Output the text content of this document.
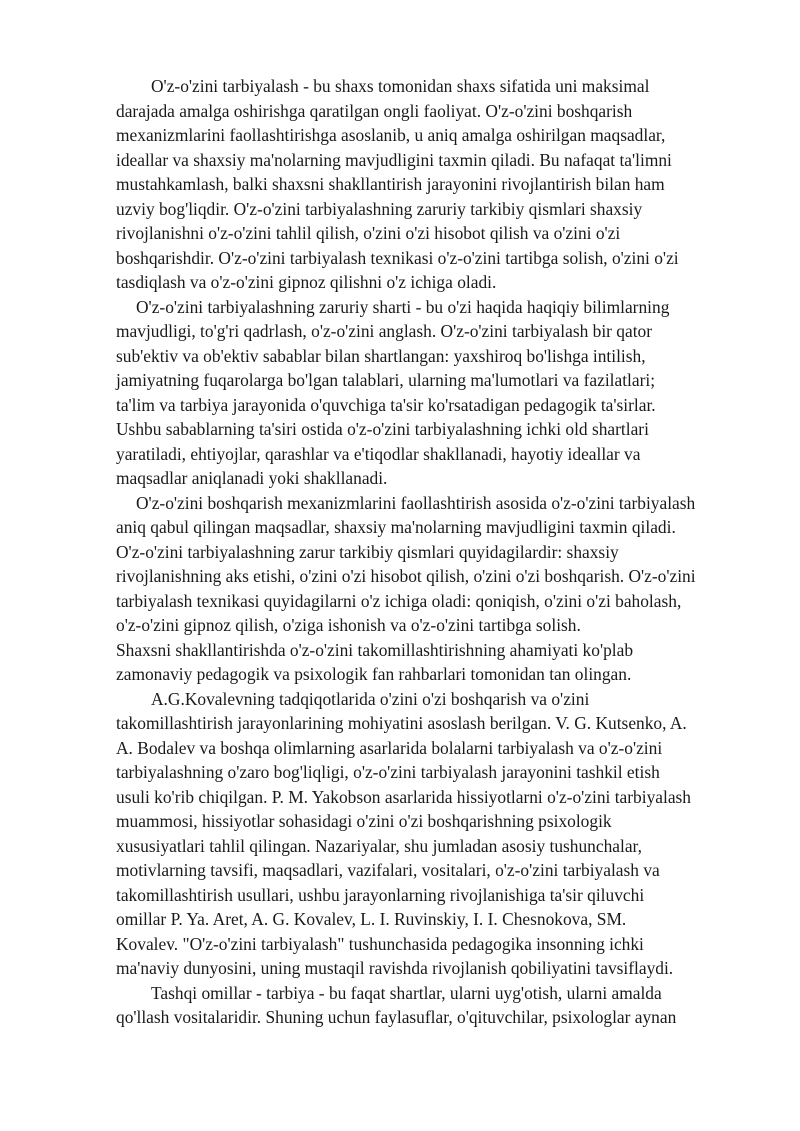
O'z-o'zini tarbiyalash - bu shaxs tomonidan shaxs sifatida uni maksimal
darajada amalga oshirishga qaratilgan ongli faoliyat. O'z-o'zini boshqarish
mexanizmlarini faollashtirishga asoslanib, u aniq amalga oshirilgan maqsadlar,
ideallar va shaxsiy ma'nolarning mavjudligini taxmin qiladi. Bu nafaqat ta'limni
mustahkamlash, balki shaxsni shakllantirish jarayonini rivojlantirish bilan ham
uzviy bog'liqdir. O'z-o'zini tarbiyalashning zaruriy tarkibiy qismlari shaxsiy
rivojlanishni o'z-o'zini tahlil qilish, o'zini o'zi hisobot qilish va o'zini o'zi
boshqarishdir. O'z-o'zini tarbiyalash texnikasi o'z-o'zini tartibga solish, o'zini o'zi
tasdiqlash va o'z-o'zini gipnoz qilishni o'z ichiga oladi.
O'z-o'zini tarbiyalashning zaruriy sharti - bu o'zi haqida haqiqiy bilimlarning
mavjudligi, to'g'ri qadrlash, o'z-o'zini anglash. O'z-o'zini tarbiyalash bir qator
sub'ektiv va ob'ektiv sabablar bilan shartlangan: yaxshiroq bo'lishga intilish,
jamiyatning fuqarolarga bo'lgan talablari, ularning ma'lumotlari va fazilatlari;
ta'lim va tarbiya jarayonida o'quvchiga ta'sir ko'rsatadigan pedagogik ta'sirlar.
Ushbu sabablarning ta'siri ostida o'z-o'zini tarbiyalashning ichki old shartlari
yaratiladi, ehtiyojlar, qarashlar va e'tiqodlar shakllanadi, hayotiy ideallar va
maqsadlar aniqlanadi yoki shakllanadi.
O'z-o'zini boshqarish mexanizmlarini faollashtirish asosida o'z-o'zini tarbiyalash
aniq qabul qilingan maqsadlar, shaxsiy ma'nolarning mavjudligini taxmin qiladi.
O'z-o'zini tarbiyalashning zarur tarkibiy qismlari quyidagilardir: shaxsiy
rivojlanishning aks etishi, o'zini o'zi hisobot qilish, o'zini o'zi boshqarish. O'z-o'zini
tarbiyalash texnikasi quyidagilarni o'z ichiga oladi: qoniqish, o'zini o'zi baholash,
o'z-o'zini gipnoz qilish, o'ziga ishonish va o'z-o'zini tartibga solish.
Shaxsni shakllantirishda o'z-o'zini takomillashtirishning ahamiyati ko'plab
zamonaviy pedagogik va psixologik fan rahbarlari tomonidan tan olingan.
A.G.Kovalevning tadqiqotlarida o'zini o'zi boshqarish va o'zini
takomillashtirish jarayonlarining mohiyatini asoslash berilgan. V. G. Kutsenko, A.
A. Bodalev va boshqa olimlarning asarlarida bolalarni tarbiyalash va o'z-o'zini
tarbiyalashning o'zaro bog'liqligi, o'z-o'zini tarbiyalash jarayonini tashkil etish
usuli ko'rib chiqilgan. P. M. Yakobson asarlarida hissiyotlarni o'z-o'zini tarbiyalash
muammosi, hissiyotlar sohasidagi o'zini o'zi boshqarishning psixologik
xususiyatlari tahlil qilingan. Nazariyalar, shu jumladan asosiy tushunchalar,
motivlarning tavsifi, maqsadlari, vazifalari, vositalari, o'z-o'zini tarbiyalash va
takomillashtirish usullari, ushbu jarayonlarning rivojlanishiga ta'sir qiluvchi
omillar P. Ya. Aret, A. G. Kovalev, L. I. Ruvinskiy, I. I. Chesnokova, SM.
Kovalev. "O'z-o'zini tarbiyalash" tushunchasida pedagogika insonning ichki
ma'naviy dunyosini, uning mustaqil ravishda rivojlanish qobiliyatini tavsiflaydi.
Tashqi omillar - tarbiya - bu faqat shartlar, ularni uyg'otish, ularni amalda
qo'llash vositalaridir. Shuning uchun faylasuflar, o'qituvchilar, psixologlar aynan
